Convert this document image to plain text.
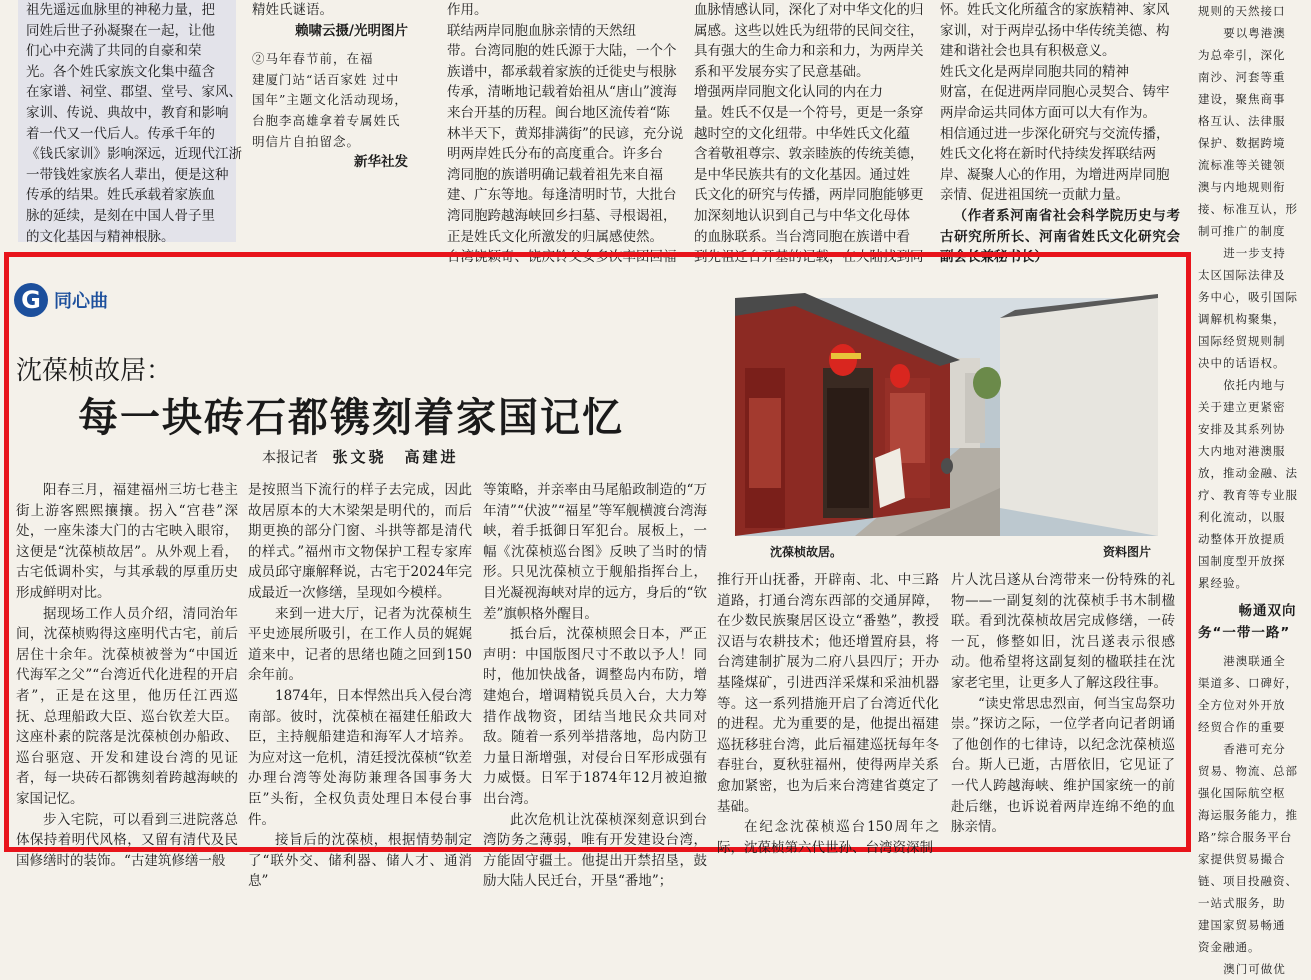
祖先遥远血脉里的神秘力量，把

同姓后世子孙凝聚在一起，让他

们心中充满了共同的自豪和荣

光。各个姓氏家族文化集中蕴含

在家谱、祠堂、郡望、堂号、家风、

家训、传说、典故中，教育和影响

着一代又一代后人。传承千年的

《钱氏家训》影响深远，近现代江浙

一带钱姓家族名人辈出，便是这种

传承的结果。姓氏承载着家族血

脉的延续，是刻在中国人骨子里

的文化基因与精神根脉。

精姓氏谜语。

赖啸云摄/光明图片

②马年春节前，在福
建厦门站“话百家姓 过中
国年”主题文化活动现场，
台胞李高雄拿着专属姓氏
明信片自拍留念。

新华社发

作用。

联结两岸同胞血脉亲情的天然纽

带。台湾同胞的姓氏源于大陆，一个个

族谱中，都承载着家族的迁徙史与根脉

传承，清晰地记载着始祖从“唐山”渡海

来台开基的历程。闽台地区流传着“陈

林半天下，黄郑排满街”的民谚，充分说

明两岸姓氏分布的高度重合。许多台

湾同胞的族谱明确记载着祖先来自福

建、广东等地。每逢清明时节，大批台

湾同胞跨越海峡回乡扫墓、寻根谒祖，

正是姓氏文化所激发的归属感使然。

台湾饶颖奇、饶庆铃父女多次率团回福

血脉情感认同，深化了对中华文化的归

属感。这些以姓氏为纽带的民间交往，

具有强大的生命力和亲和力，为两岸关

系和平发展夯实了民意基础。

增强两岸同胞文化认同的内在力

量。姓氏不仅是一个符号，更是一条穿

越时空的文化纽带。中华姓氏文化蕴

含着敬祖尊宗、敦亲睦族的传统美德，

是中华民族共有的文化基因。通过姓

氏文化的研究与传播，两岸同胞能够更

加深刻地认识到自己与中华文化母体

的血脉联系。当台湾同胞在族谱中看

到先祖迁台开基的记载，在大陆找到同

怀。姓氏文化所蕴含的家族精神、家风

家训，对于两岸弘扬中华传统美德、构

建和谐社会也具有积极意义。

姓氏文化是两岸同胞共同的精神

财富，在促进两岸同胞心灵契合、铸牢

两岸命运共同体方面可以大有作为。

相信通过进一步深化研究与交流传播，

姓氏文化将在新时代持续发挥联结两

岸、凝聚人心的作用，为增进两岸同胞

亲情、促进祖国统一贡献力量。

（作者系河南省社会科学院历史与考古研究所所长、河南省姓氏文化研究会副会长兼秘书长）

规则的天然接口
要以粤港澳
为总牵引，深化
南沙、河套等重
建设，聚焦商事
格互认、法律服
保护、数据跨境
流标准等关键领
澳与内地规则衔
接、标准互认，形
制可推广的制度
进一步支持
太区国际法律及
务中心，吸引国际
调解机构聚集，
国际经贸规则制
决中的话语权。
依托内地与
关于建立更紧密
安排及其系列协
大内地对港澳服
放，推动金融、法
疗、教育等专业服
利化流动，以服
动整体开放提质
国制度型开放探
累经验。
畅通双向
务“一带一路”
港澳联通全
渠道多、口碑好，
全方位对外开放
经贸合作的重要
香港可充分
贸易、物流、总部
强化国际航空枢
海运服务能力，推
路”综合服务平台
家提供贸易撮合
链、项目投融资、
一站式服务，助
建国家贸易畅通
资金融通。
澳门可做优
G 同心曲
沈葆桢故居：
每一块砖石都镌刻着家国记忆
本报记者 张文骁　高建进
沈葆桢故居。	资料图片

阳春三月，福建福州三坊七巷主街上游客熙熙攘攘。拐入“宫巷”深处，一座朱漆大门的古宅映入眼帘，这便是“沈葆桢故居”。从外观上看，古宅低调朴实，与其承载的厚重历史形成鲜明对比。

据现场工作人员介绍，清同治年间，沈葆桢购得这座明代古宅，前后居住十余年。沈葆桢被誉为“中国近代海军之父”“台湾近代化进程的开启者”，正是在这里，他历任江西巡抚、总理船政大臣、巡台钦差大臣。这座朴素的院落是沈葆桢创办船政、巡台驱寇、开发和建设台湾的见证者，每一块砖石都镌刻着跨越海峡的家国记忆。

步入宅院，可以看到三进院落总体保持着明代风格，又留有清代及民国修缮时的装饰。“古建筑修缮一般

是按照当下流行的样子去完成，因此故居原本的大木梁架是明代的，而后期更换的部分门窗、斗拱等都是清代的样式。”福州市文物保护工程专家库成员邱守廉解释说，古宅于2024年完成最近一次修缮，呈现如今模样。

来到一进大厅，记者为沈葆桢生平史迹展所吸引，在工作人员的娓娓道来中，记者的思绪也随之回到150余年前。

1874年，日本悍然出兵入侵台湾南部。彼时，沈葆桢在福建任船政大臣，主持舰船建造和海军人才培养。为应对这一危机，清廷授沈葆桢“钦差办理台湾等处海防兼理各国事务大臣”头衔，全权负责处理日本侵台事件。

接旨后的沈葆桢，根据情势制定了“联外交、储利器、储人才、通消息”

等策略，并亲率由马尾船政制造的“万年清”“伏波”“福星”等军舰横渡台湾海峡，着手抵御日军犯台。展板上，一幅《沈葆桢巡台图》反映了当时的情形。只见沈葆桢立于舰船指挥台上，目光凝视海峡对岸的远方，身后的“钦差”旗帜格外醒目。

抵台后，沈葆桢照会日本，严正声明：中国版图尺寸不敢以予人！同时，他加快战备，调整岛内布防，增建炮台，增调精锐兵员入台，大力筹措作战物资，团结当地民众共同对敌。随着一系列举措落地，岛内防卫力量日渐增强，对侵台日军形成强有力威慑。日军于1874年12月被迫撤出台湾。

此次危机让沈葆桢深刻意识到台湾防务之薄弱，唯有开发建设台湾，方能固守疆土。他提出开禁招垦，鼓励大陆人民迁台，开垦“番地”；

推行开山抚番，开辟南、北、中三路道路，打通台湾东西部的交通屏障，在少数民族聚居区设立“番塾”，教授汉语与农耕技术；他还增置府县，将台湾建制扩展为二府八县四厅；开办基隆煤矿，引进西洋采煤和采油机器等。这一系列措施开启了台湾近代化的进程。尤为重要的是，他提出福建巡抚移驻台湾，此后福建巡抚每年冬春驻台，夏秋驻福州，使得两岸关系愈加紧密，也为后来台湾建省奠定了基础。

在纪念沈葆桢巡台150周年之际，沈葆桢第六代世孙、台湾资深制

片人沈吕遂从台湾带来一份特殊的礼物——一副复刻的沈葆桢手书木制楹联。看到沈葆桢故居完成修缮，一砖一瓦，修整如旧，沈吕遂表示很感动。他希望将这副复刻的楹联挂在沈家老宅里，让更多人了解这段往事。

“读史常思忠烈亩，何当宝岛祭功崇。”探访之际，一位学者向记者朗诵了他创作的七律诗，以纪念沈葆桢巡台。斯人已逝，古厝依旧，它见证了一代人跨越海峡、维护国家统一的前赴后继，也诉说着两岸连绵不绝的血脉亲情。
